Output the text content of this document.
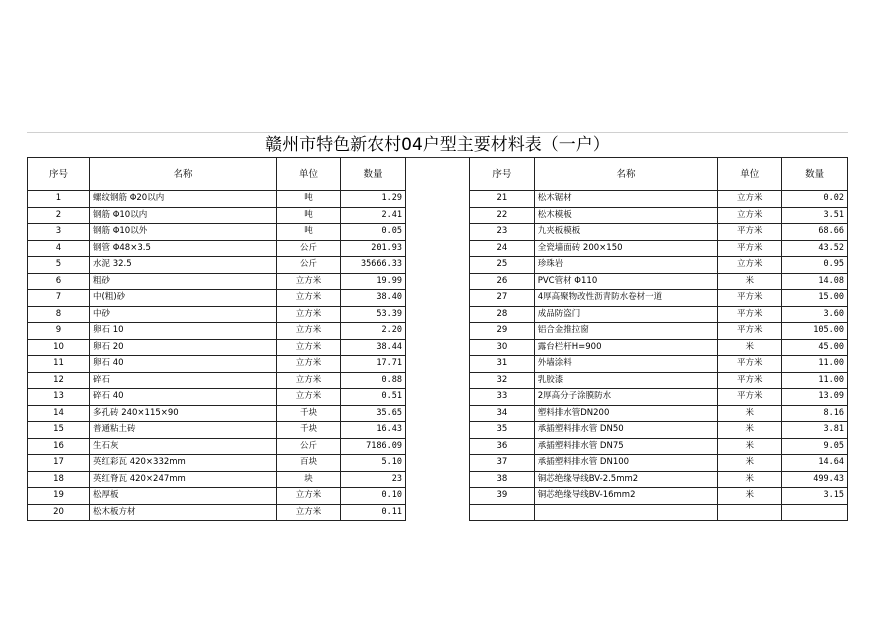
赣州市特色新农村04户型主要材料表（一户）
序号	名称	单位	数量
1	螺纹钢筋 Φ20以内	吨	1.29
2	钢筋 Φ10以内	吨	2.41
3	钢筋 Φ10以外	吨	0.05
4	钢管 Φ48×3.5	公斤	201.93
5	水泥 32.5	公斤	35666.33
6	粗砂	立方米	19.99
7	中(粗)砂	立方米	38.40
8	中砂	立方米	53.39
9	卵石 10	立方米	2.20
10	卵石 20	立方米	38.44
11	卵石 40	立方米	17.71
12	碎石	立方米	0.88
13	碎石 40	立方米	0.51
14	多孔砖 240×115×90	千块	35.65
15	普通粘土砖	千块	16.43
16	生石灰	公斤	7186.09
17	英红彩瓦 420×332mm	百块	5.10
18	英红脊瓦 420×247mm	块	23
19	松厚板	立方米	0.10
20	松木板方材	立方米	0.11
序号	名称	单位	数量
21	松木锯材	立方米	0.02
22	松木模板	立方米	3.51
23	九夹板模板	平方米	68.66
24	全瓷墙面砖 200×150	平方米	43.52
25	珍珠岩	立方米	0.95
26	PVC管材 Φ110	米	14.08
27	4厚高聚物改性沥青防水卷材一道	平方米	15.00
28	成品防盗门	平方米	3.60
29	铝合金推拉窗	平方米	105.00
30	露台栏杆H=900	米	45.00
31	外墙涂料	平方米	11.00
32	乳胶漆	平方米	11.00
33	2厚高分子涂膜防水	平方米	13.09
34	塑料排水管DN200	米	8.16
35	承插塑料排水管 DN50	米	3.81
36	承插塑料排水管 DN75	米	9.05
37	承插塑料排水管 DN100	米	14.64
38	铜芯绝缘导线BV-2.5mm2	米	499.43
39	铜芯绝缘导线BV-16mm2	米	3.15
